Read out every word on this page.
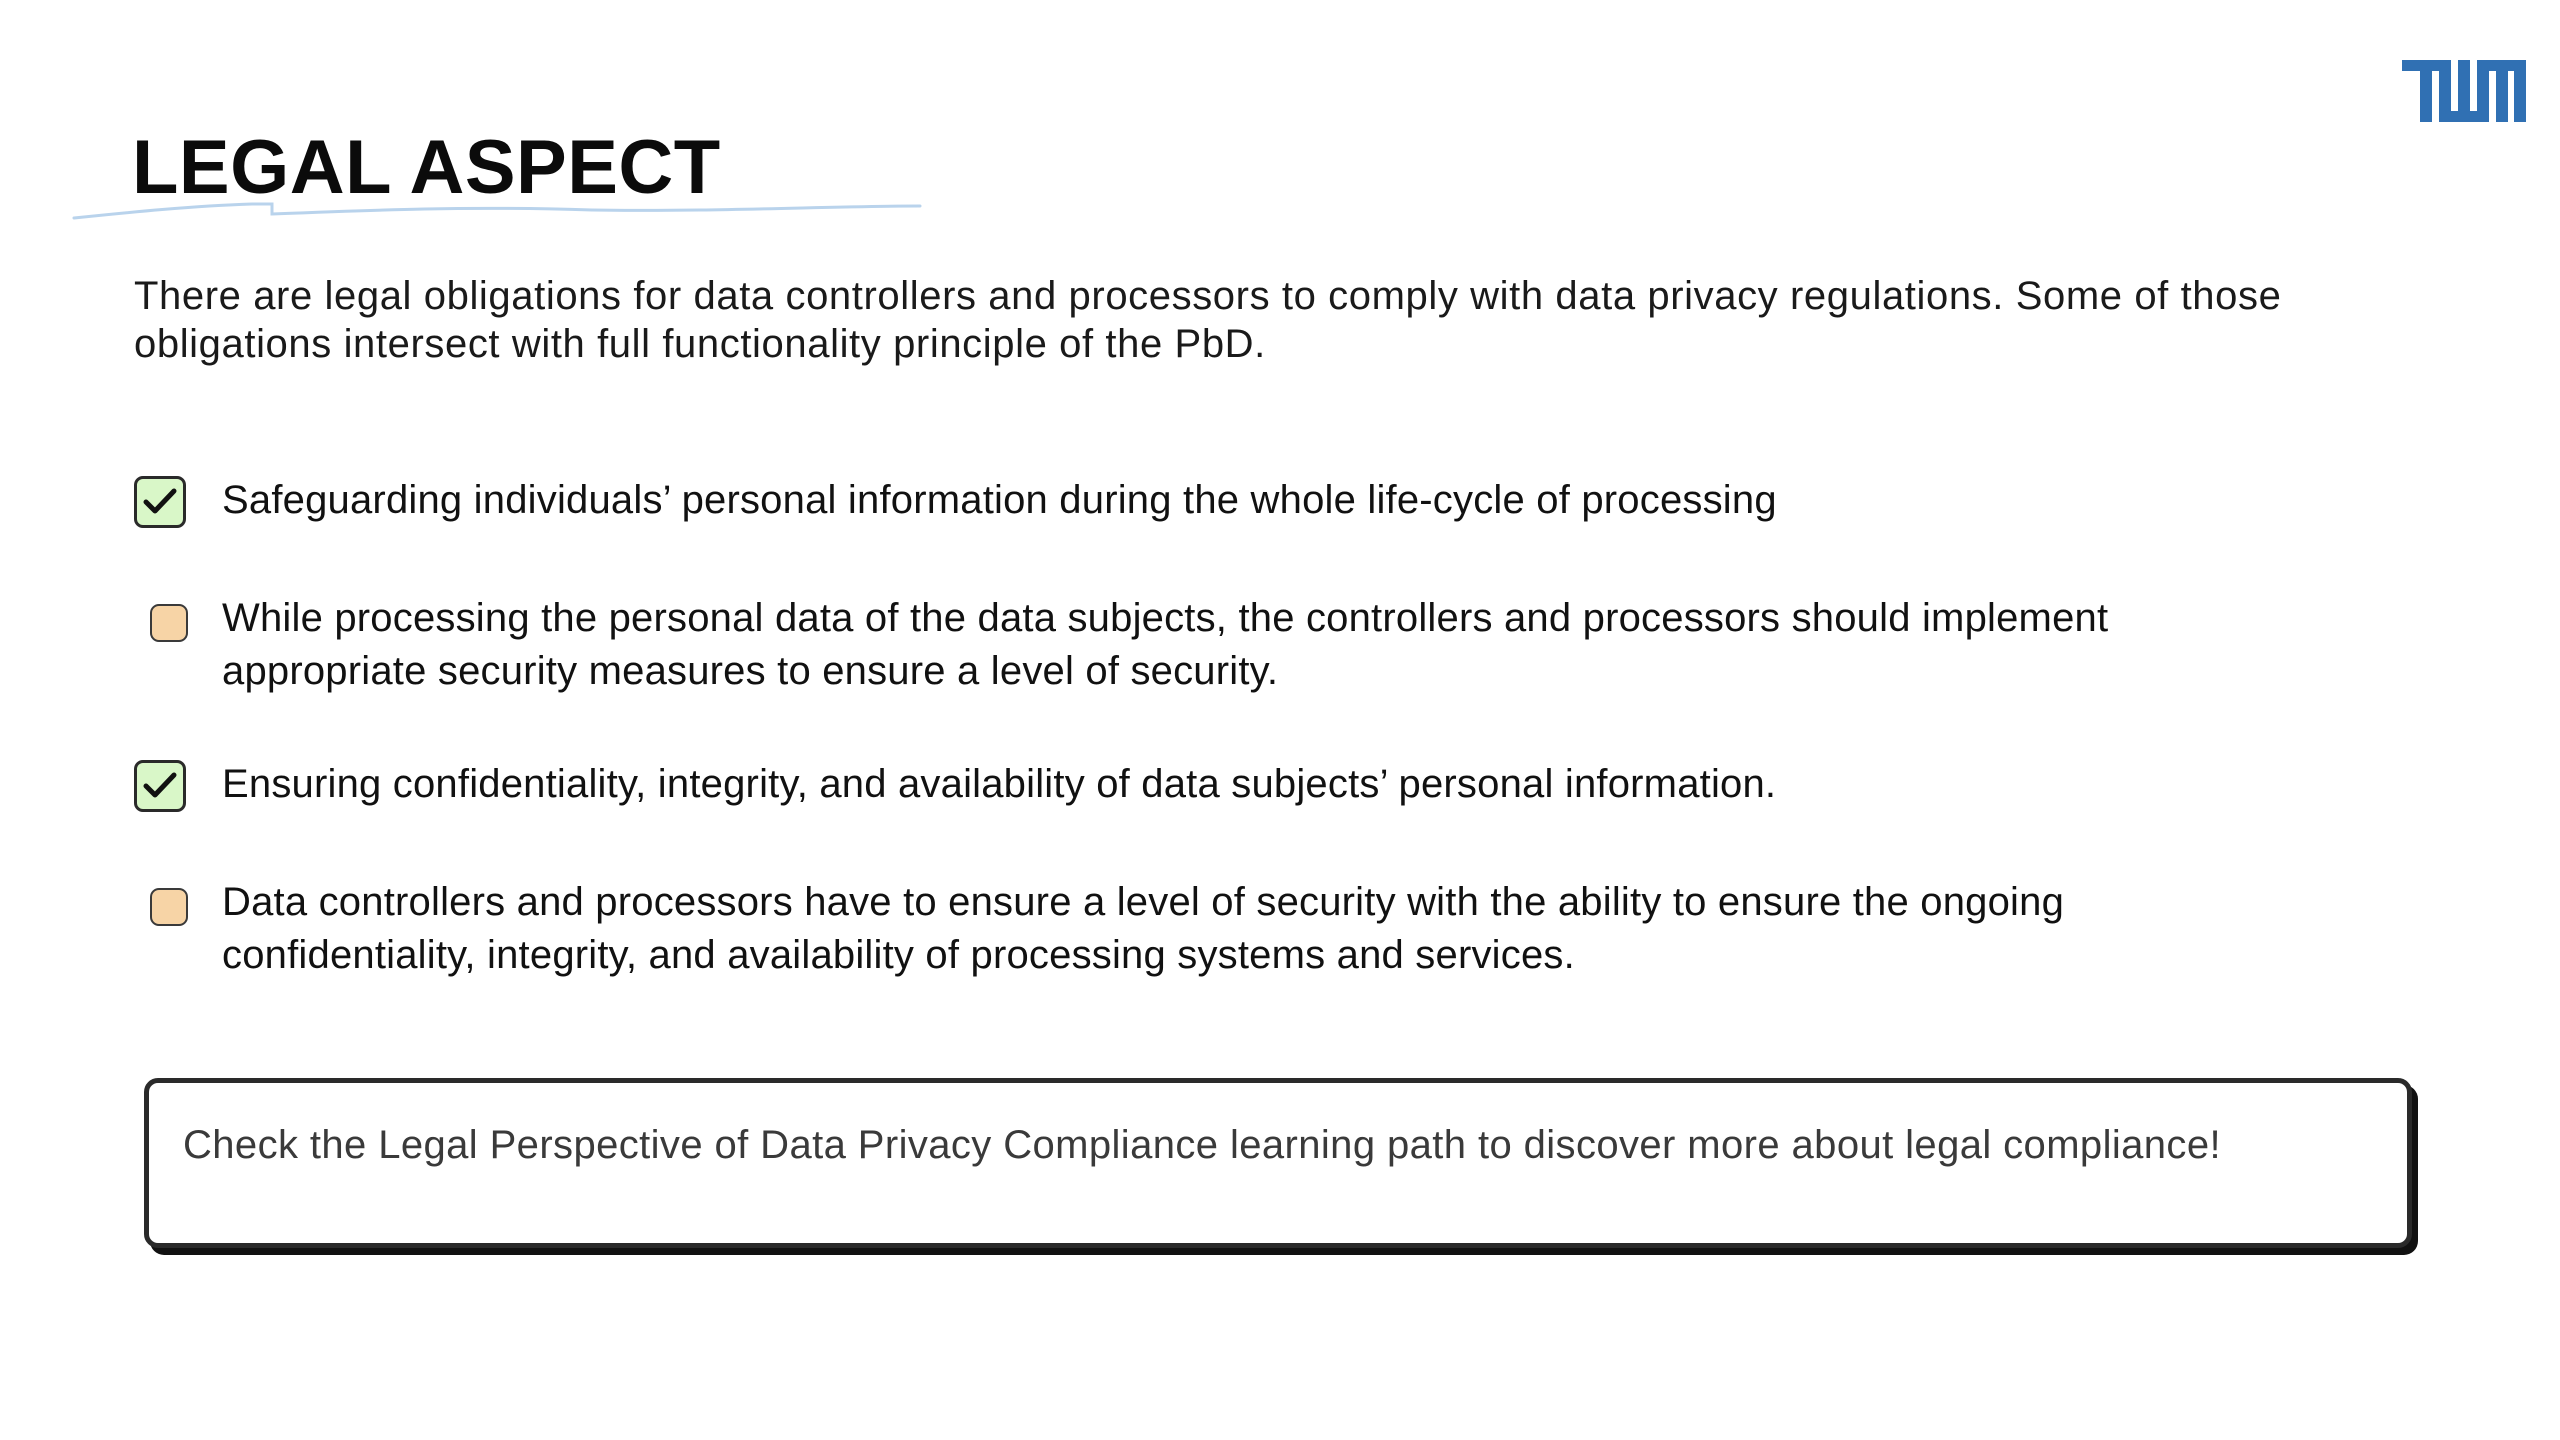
LEGAL ASPECT

There are legal obligations for data controllers and processors to comply with data privacy regulations. Some of those obligations intersect with full functionality principle of the PbD.

Safeguarding individuals’ personal information during the whole life-cycle of processing

While processing the personal data of the data subjects, the controllers and processors should implement appropriate security measures to ensure a level of security.

Ensuring confidentiality, integrity, and availability of data subjects’ personal information.

Data controllers and processors have to ensure a level of security with the ability to ensure the ongoing confidentiality, integrity, and availability of processing systems and services.

Check the Legal Perspective of Data Privacy Compliance learning path to discover more about legal compliance!
